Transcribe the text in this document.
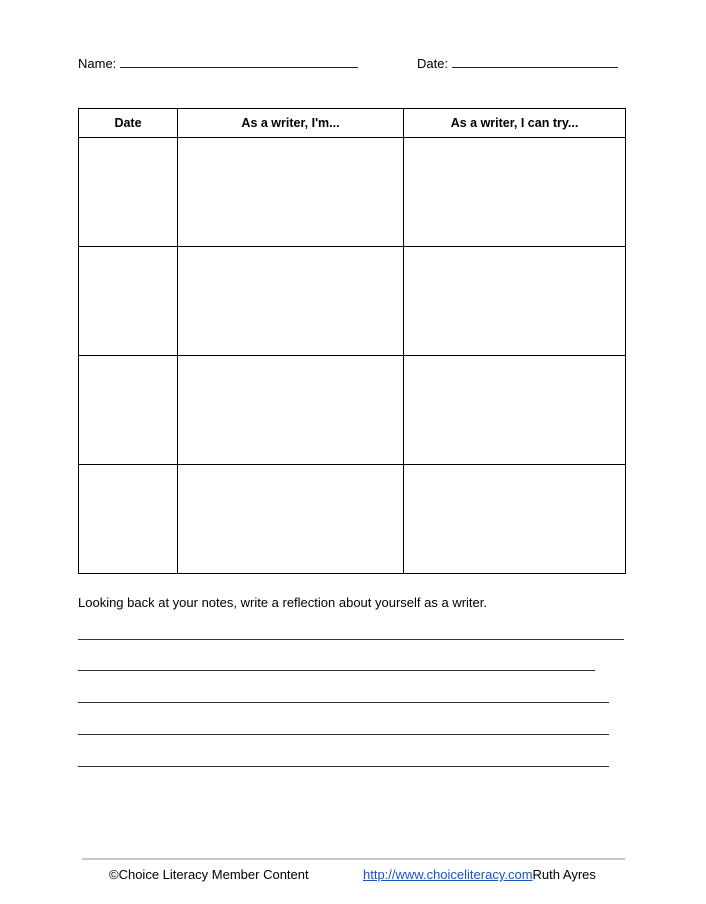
Name:	Date:
Date	As a writer, I'm...	As a writer, I can try...

Looking back at your notes, write a reflection about yourself as a writer.
©Choice Literacy Member Content	http://www.choiceliteracy.comRuth Ayres
